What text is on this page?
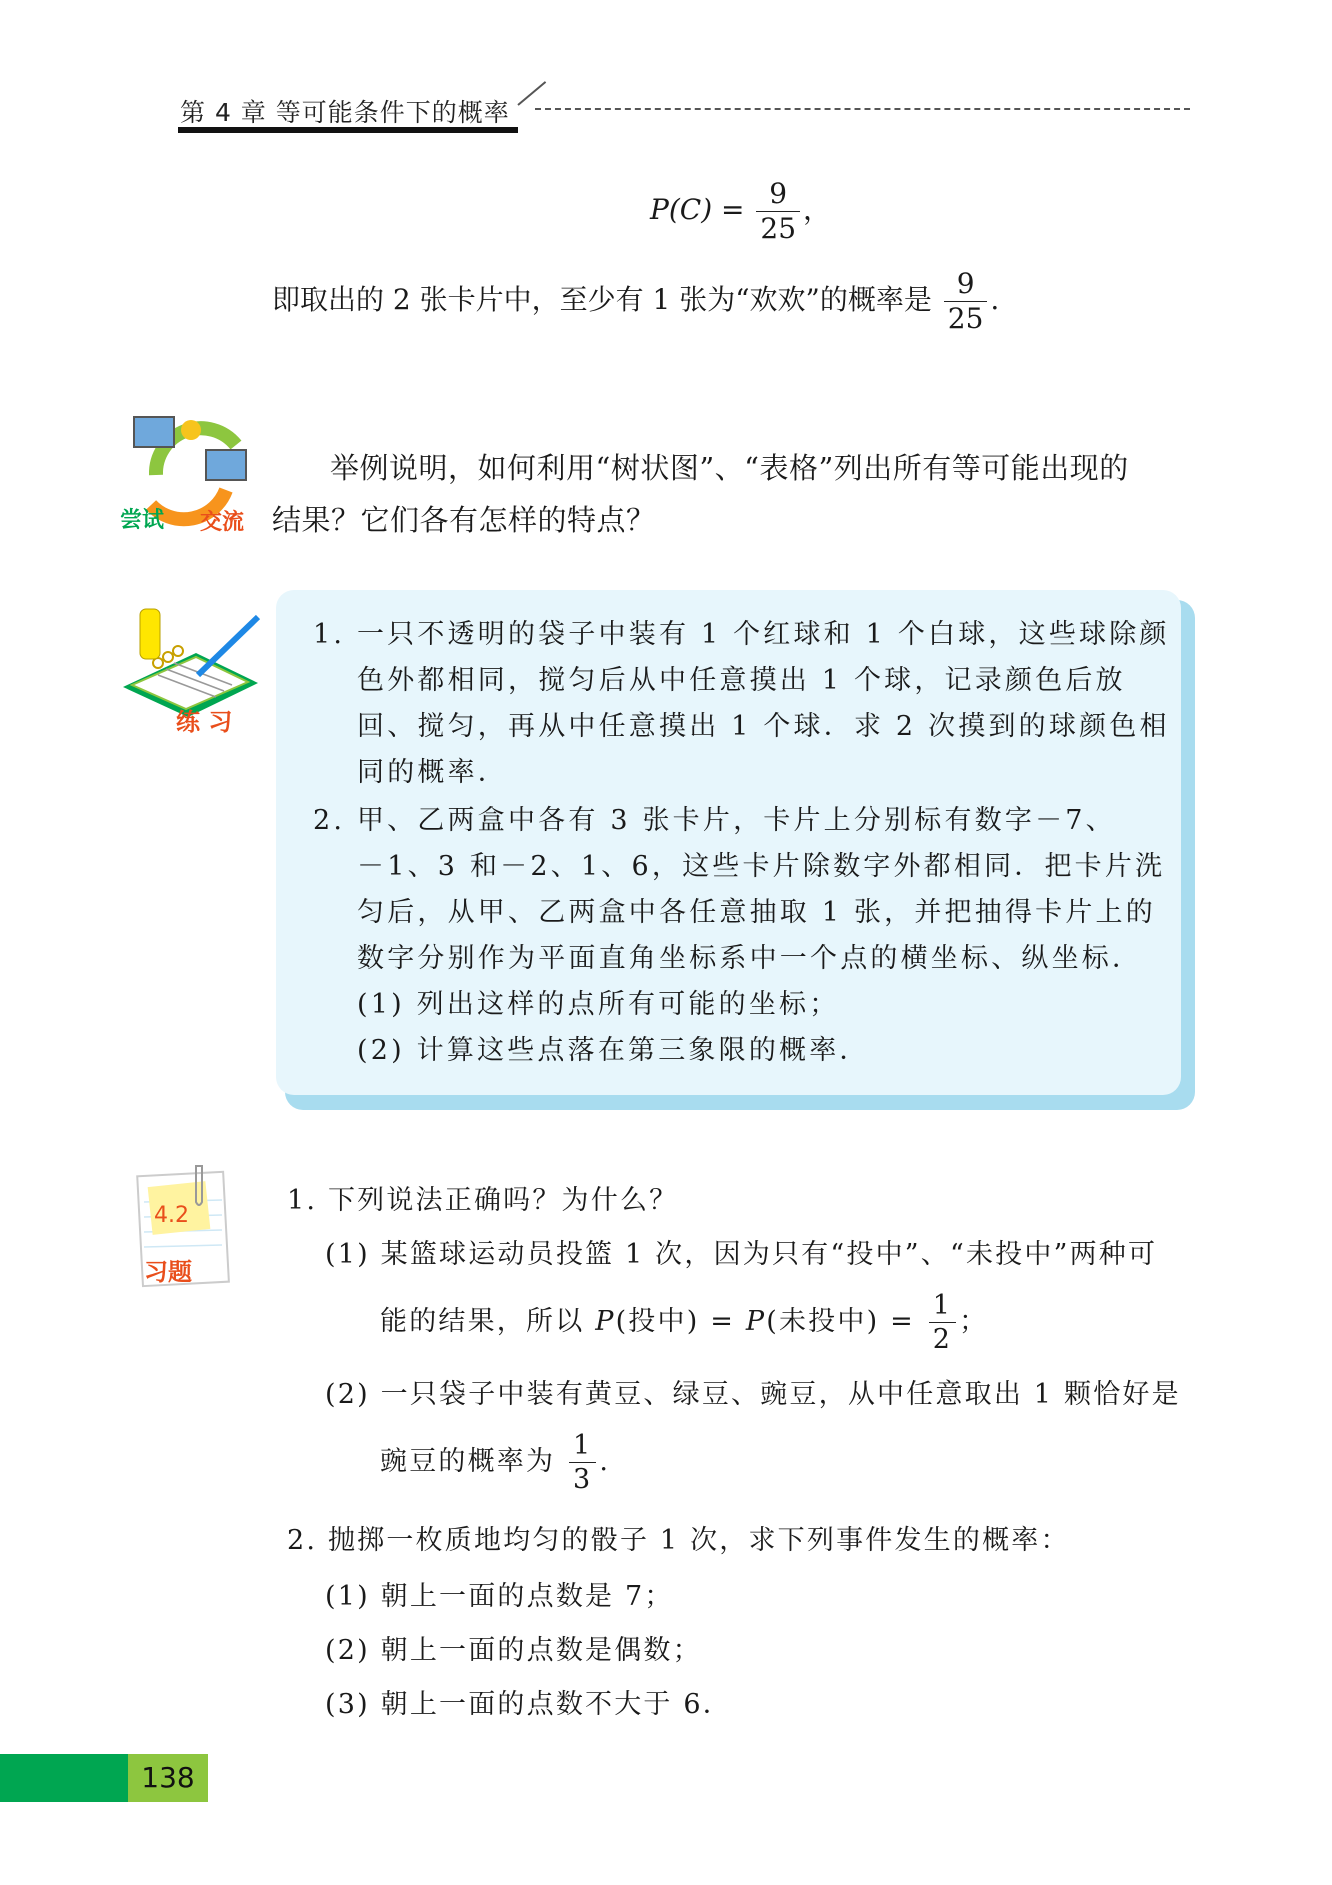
第 4 章 等可能条件下的概率
$P(C) = \frac{9}{25}$ ，
即取出的 2 张卡片中，至少有 1 张为“欢欢”的概率是 $\frac{9}{25}$ .
尝试 交流
举例说明，如何利用“树状图”、“表格”列出所有等可能出现的
结果？它们各有怎样的特点？
练 习
1. 一只不透明的袋子中装有 1 个红球和 1 个白球，这些球除颜
色外都相同，搅匀后从中任意摸出 1 个球，记录颜色后放
回、搅匀，再从中任意摸出 1 个球．求 2 次摸到的球颜色相
同的概率．
2. 甲、乙两盒中各有 3 张卡片，卡片上分别标有数字－7、
－1、3 和－2、1、6，这些卡片除数字外都相同．把卡片洗
匀后，从甲、乙两盒中各任意抽取 1 张，并把抽得卡片上的
数字分别作为平面直角坐标系中一个点的横坐标、纵坐标．
(1) 列出这样的点所有可能的坐标；
(2) 计算这些点落在第三象限的概率．
4.2
习题
1. 下列说法正确吗？为什么？
(1) 某篮球运动员投篮 1 次，因为只有“投中”、“未投中”两种可
能的结果，所以 P(投中) = P(未投中) = $\frac{1}{2}$ ；
(2) 一只袋子中装有黄豆、绿豆、豌豆，从中任意取出 1 颗恰好是
豌豆的概率为 $\frac{1}{3}$ .
2. 抛掷一枚质地均匀的骰子 1 次，求下列事件发生的概率：
(1) 朝上一面的点数是 7；
(2) 朝上一面的点数是偶数；
(3) 朝上一面的点数不大于 6．
138
